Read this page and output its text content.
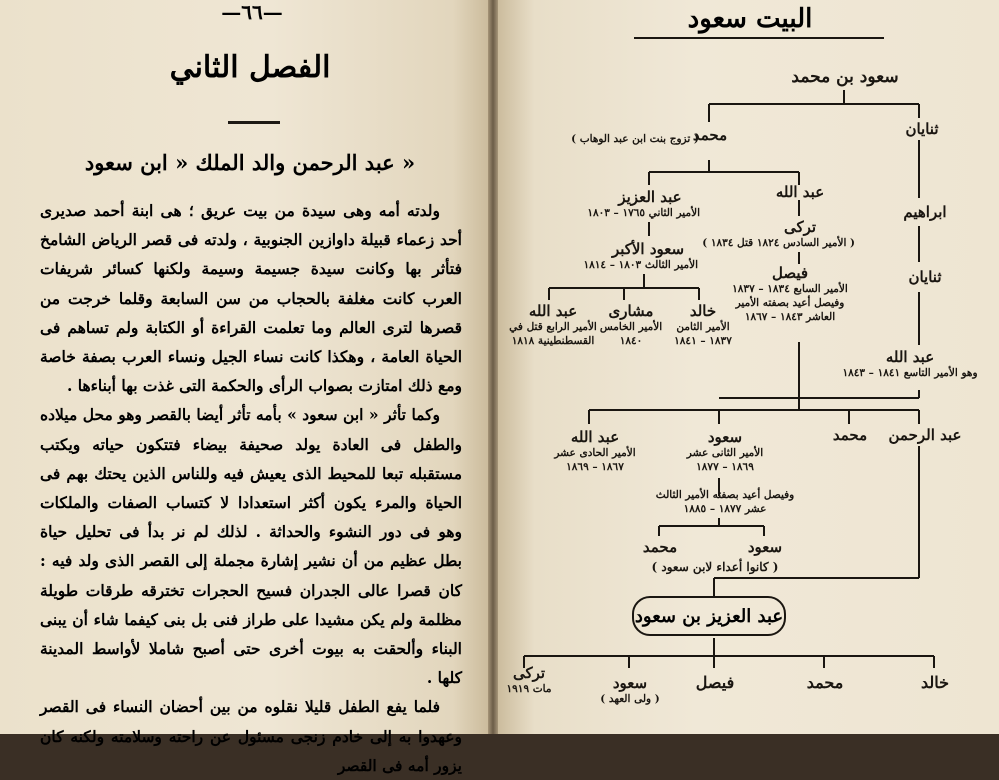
—٦٦—
الفصل الثاني
عبد الرحمن والد الملك « ابن سعود »

ولدته أمه وهى سيدة من بيت عريق ؛ هى ابنة أحمد صديرى أحد زعماء قبيلة داوازين الجنوبية ، ولدته فى قصر الرياض الشامخ فتأثر بها وكانت سيدة جسيمة وسيمة ولكنها كسائر شريفات العرب كانت مغلفة بالحجاب من سن السابعة وقلما خرجت من قصرها لترى العالم وما تعلمت القراءة أو الكتابة ولم تساهم فى الحياة العامة ، وهكذا كانت نساء الجيل ونساء العرب بصفة خاصة ومع ذلك امتازت بصواب الرأى والحكمة التى غذت بها أبناءها .

وكما تأثر « ابن سعود » بأمه تأثر أيضا بالقصر وهو محل ميلاده والطفل فى العادة يولد صحيفة بيضاء فتتكون حياته ويكتب مستقبله تبعا للمحيط الذى يعيش فيه وللناس الذين يحتك بهم فى الحياة والمرء يكون أكثر استعدادا لا كتساب الصفات والملكات وهو فى دور النشوء والحداثة . لذلك لم نر بدأ فى تحليل حياة بطل عظيم من أن نشير إشارة مجملة إلى القصر الذى ولد فيه : كان قصرا عالى الجدران فسيح الحجرات تخترقه طرقات طويلة مظلمة ولم يكن مشيدا على طراز فنى بل بنى كيفما شاء أن يبنى البناء وألحقت به بيوت أخرى حتى أصبح شاملا لأواسط المدينة كلها .

فلما يفع الطفل قليلا نقلوه من بين أحضان النساء فى القصر وعهدوا به إلى خادم زنجى مسئول عن راحته وسلامته ولكنه كان يزور أمه فى القصر

البيت سعود
سعود بن محمد
ثنايان
محمد
( تزوج بنت ابن عبد الوهاب )
عبد العزيز
الأمير الثاني ١٧٦٥ – ١٨٠٣
عبد الله
ابراهيم
سعود الأكبر
الأمير الثالث ١٨٠٣ – ١٨١٤
تركى
( الأمير السادس ١٨٢٤ قتل ١٨٣٤ )
ثنايان
عبد الله
الأمير الرابع قتل في القسطنطينية ١٨١٨
مشارى
الأمير الخامس ١٨٤٠
خالد
الأمير الثامن ١٨٣٧ – ١٨٤١
فيصل
الأمير السابع ١٨٣٤ – ١٨٣٧ وفيصل أعيد بصفته الأمير العاشر ١٨٤٣ – ١٨٦٧
عبد الله
وهو الأمير التاسع ١٨٤١ – ١٨٤٣
عبد الله
الأمير الحادى عشر ١٨٦٧ – ١٨٦٩
سعود
الأمير الثانى عشر ١٨٦٩ – ١٨٧٧
محمد	عبد الرحمن
وفيصل أعيد بصفته الأمير الثالث عشر ١٨٧٧ – ١٨٨٥
سعود
محمد
( كانوا أعداء لابن سعود )
عبد العزيز بن سعود
تركى
مات ١٩١٩	سعود
( ولى العهد )
فيصل	محمد	خالد
